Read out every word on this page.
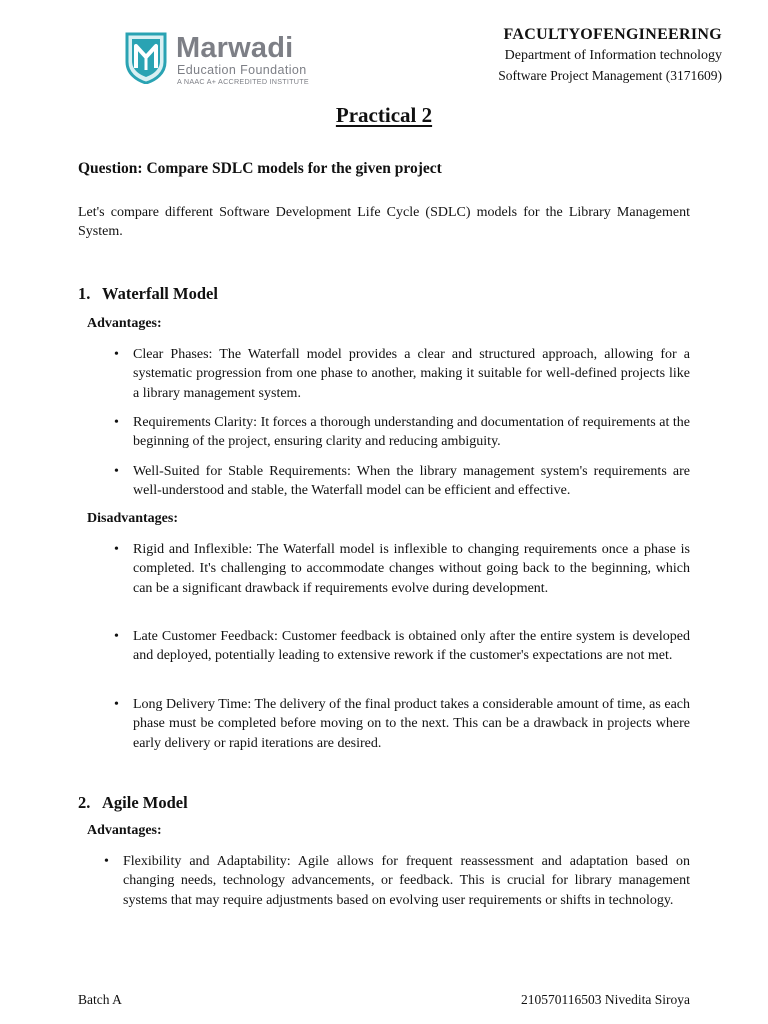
Marwadi
Education Foundation
A NAAC A+ ACCREDITED INSTITUTE
FACULTYOFENGINEERING
Department of Information technology
Software Project Management (3171609)
Practical 2
Question: Compare SDLC models for the given project

Let's compare different Software Development Life Cycle (SDLC) models for the Library Management System.

1. Waterfall Model
Advantages:
• Clear Phases: The Waterfall model provides a clear and structured approach, allowing for a systematic progression from one phase to another, making it suitable for well-defined projects like a library management system.

• Requirements Clarity: It forces a thorough understanding and documentation of requirements at the beginning of the project, ensuring clarity and reducing ambiguity.

• Well-Suited for Stable Requirements: When the library management system's requirements are well-understood and stable, the Waterfall model can be efficient and effective.

Disadvantages:
• Rigid and Inflexible: The Waterfall model is inflexible to changing requirements once a phase is completed. It's challenging to accommodate changes without going back to the beginning, which can be a significant drawback if requirements evolve during development.

• Late Customer Feedback: Customer feedback is obtained only after the entire system is developed and deployed, potentially leading to extensive rework if the customer's expectations are not met.

• Long Delivery Time: The delivery of the final product takes a considerable amount of time, as each phase must be completed before moving on to the next. This can be a drawback in projects where early delivery or rapid iterations are desired.

2. Agile Model
Advantages:
• Flexibility and Adaptability: Agile allows for frequent reassessment and adaptation based on changing needs, technology advancements, or feedback. This is crucial for library management systems that may require adjustments based on evolving user requirements or shifts in technology.

Batch A	210570116503 Nivedita Siroya
